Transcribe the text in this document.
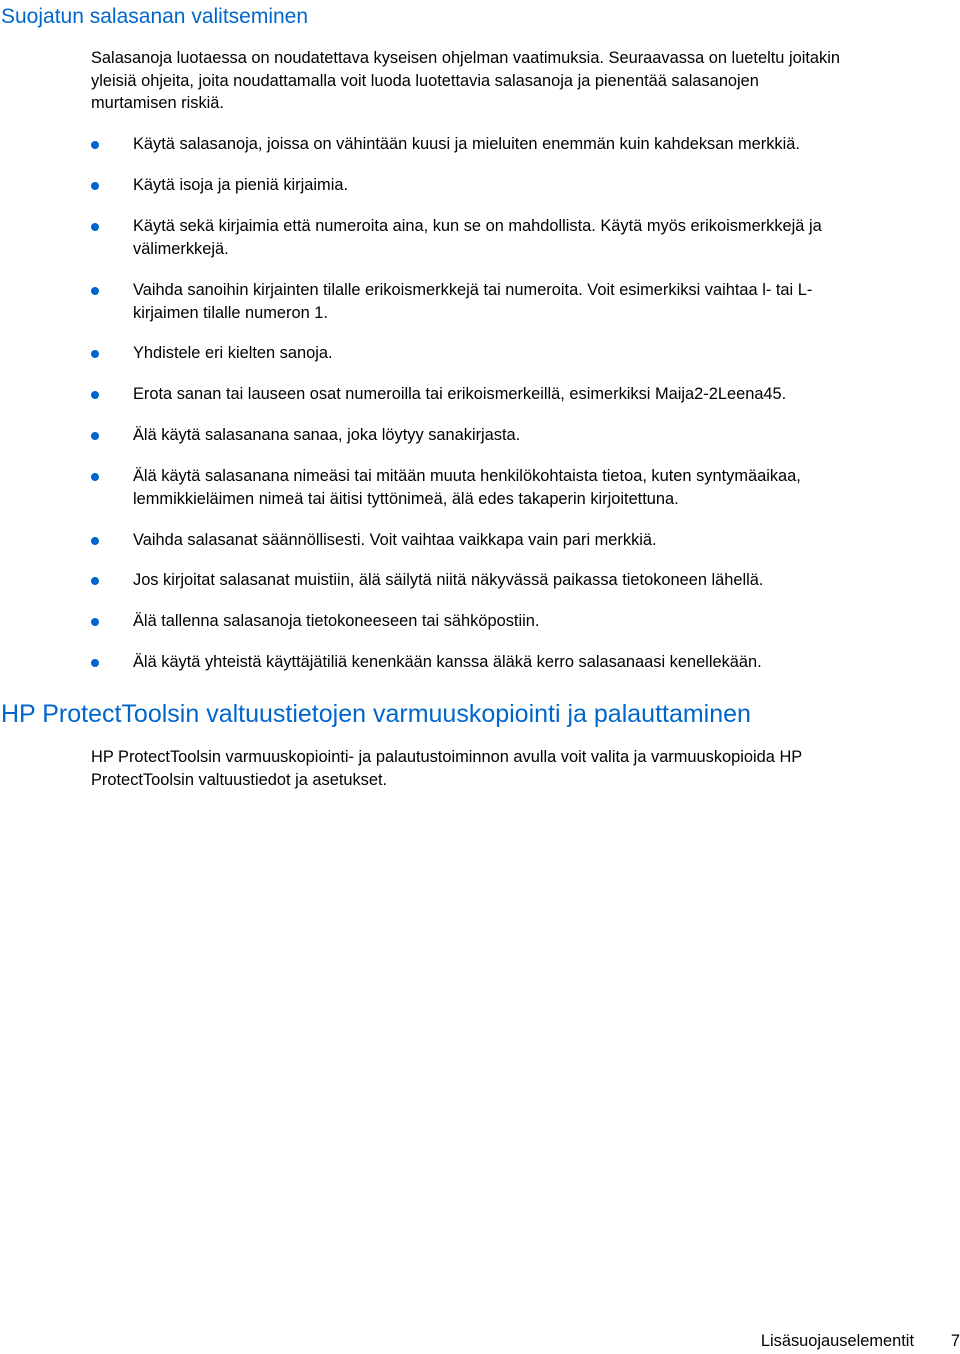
Suojatun salasanan valitseminen

Salasanoja luotaessa on noudatettava kyseisen ohjelman vaatimuksia. Seuraavassa on lueteltu joitakin
yleisiä ohjeita, joita noudattamalla voit luoda luotettavia salasanoja ja pienentää salasanojen
murtamisen riskiä.

Käytä salasanoja, joissa on vähintään kuusi ja mieluiten enemmän kuin kahdeksan merkkiä.
Käytä isoja ja pieniä kirjaimia.
Käytä sekä kirjaimia että numeroita aina, kun se on mahdollista. Käytä myös erikoismerkkejä ja
välimerkkejä.
Vaihda sanoihin kirjainten tilalle erikoismerkkejä tai numeroita. Voit esimerkiksi vaihtaa l- tai L-
kirjaimen tilalle numeron 1.
Yhdistele eri kielten sanoja.
Erota sanan tai lauseen osat numeroilla tai erikoismerkeillä, esimerkiksi Maija2-2Leena45.
Älä käytä salasanana sanaa, joka löytyy sanakirjasta.
Älä käytä salasanana nimeäsi tai mitään muuta henkilökohtaista tietoa, kuten syntymäaikaa,
lemmikkieläimen nimeä tai äitisi tyttönimeä, älä edes takaperin kirjoitettuna.
Vaihda salasanat säännöllisesti. Voit vaihtaa vaikkapa vain pari merkkiä.
Jos kirjoitat salasanat muistiin, älä säilytä niitä näkyvässä paikassa tietokoneen lähellä.
Älä tallenna salasanoja tietokoneeseen tai sähköpostiin.
Älä käytä yhteistä käyttäjätiliä kenenkään kanssa äläkä kerro salasanaasi kenellekään.
HP ProtectToolsin valtuustietojen varmuuskopiointi ja palauttaminen

HP ProtectToolsin varmuuskopiointi- ja palautustoiminnon avulla voit valita ja varmuuskopioida HP
ProtectToolsin valtuustiedot ja asetukset.

Lisäsuojauselementit 7
